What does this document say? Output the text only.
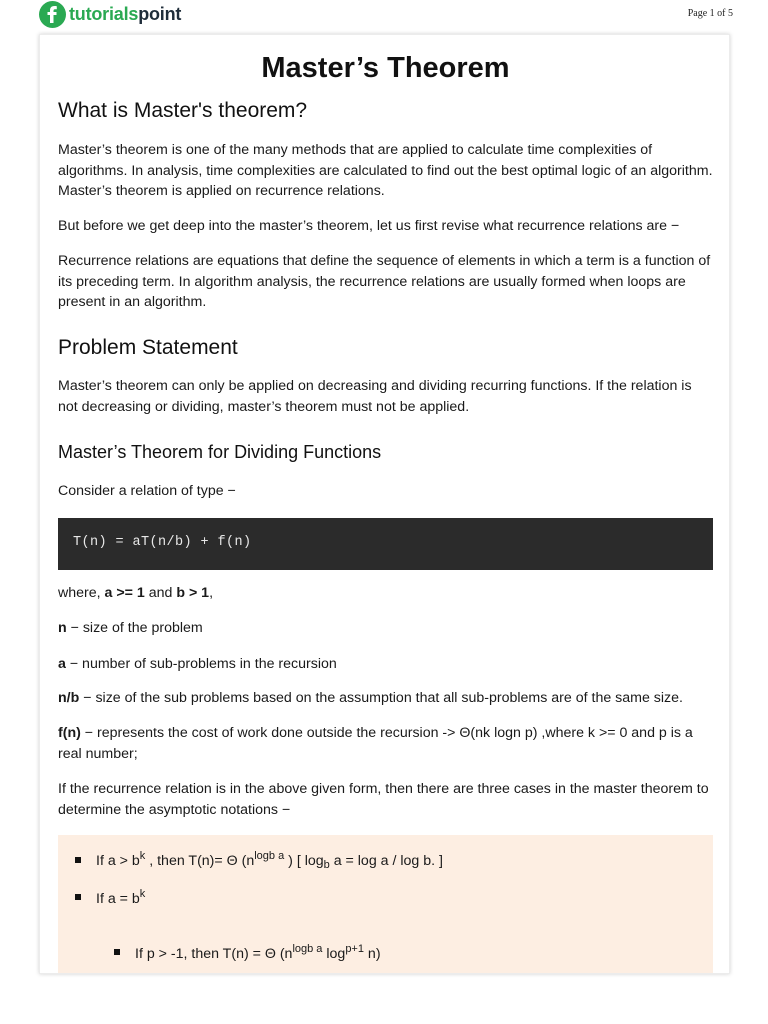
tutorialspoint	Page 1 of 5
Master’s Theorem
What is Master's theorem?
Master’s theorem is one of the many methods that are applied to calculate time complexities of algorithms. In analysis, time complexities are calculated to find out the best optimal logic of an algorithm. Master’s theorem is applied on recurrence relations.
But before we get deep into the master’s theorem, let us first revise what recurrence relations are −
Recurrence relations are equations that define the sequence of elements in which a term is a function of its preceding term. In algorithm analysis, the recurrence relations are usually formed when loops are present in an algorithm.
Problem Statement
Master’s theorem can only be applied on decreasing and dividing recurring functions. If the relation is not decreasing or dividing, master’s theorem must not be applied.
Master’s Theorem for Dividing Functions
Consider a relation of type −
T(n) = aT(n/b) + f(n)
where, a >= 1 and b > 1,
n − size of the problem
a − number of sub-problems in the recursion
n/b − size of the sub problems based on the assumption that all sub-problems are of the same size.
f(n) − represents the cost of work done outside the recursion -> Θ(nk logn p) ,where k >= 0 and p is a real number;
If the recurrence relation is in the above given form, then there are three cases in the master theorem to determine the asymptotic notations −
If $a > b^k$ , then T(n)= Θ ($n^{logb a}$ ) [ $\log_b a = \log a / \log b$. ]
If $a = b^k$
If p > -1, then T(n) = Θ ($n^{logb a}$ $\log^{p+1} n$)
